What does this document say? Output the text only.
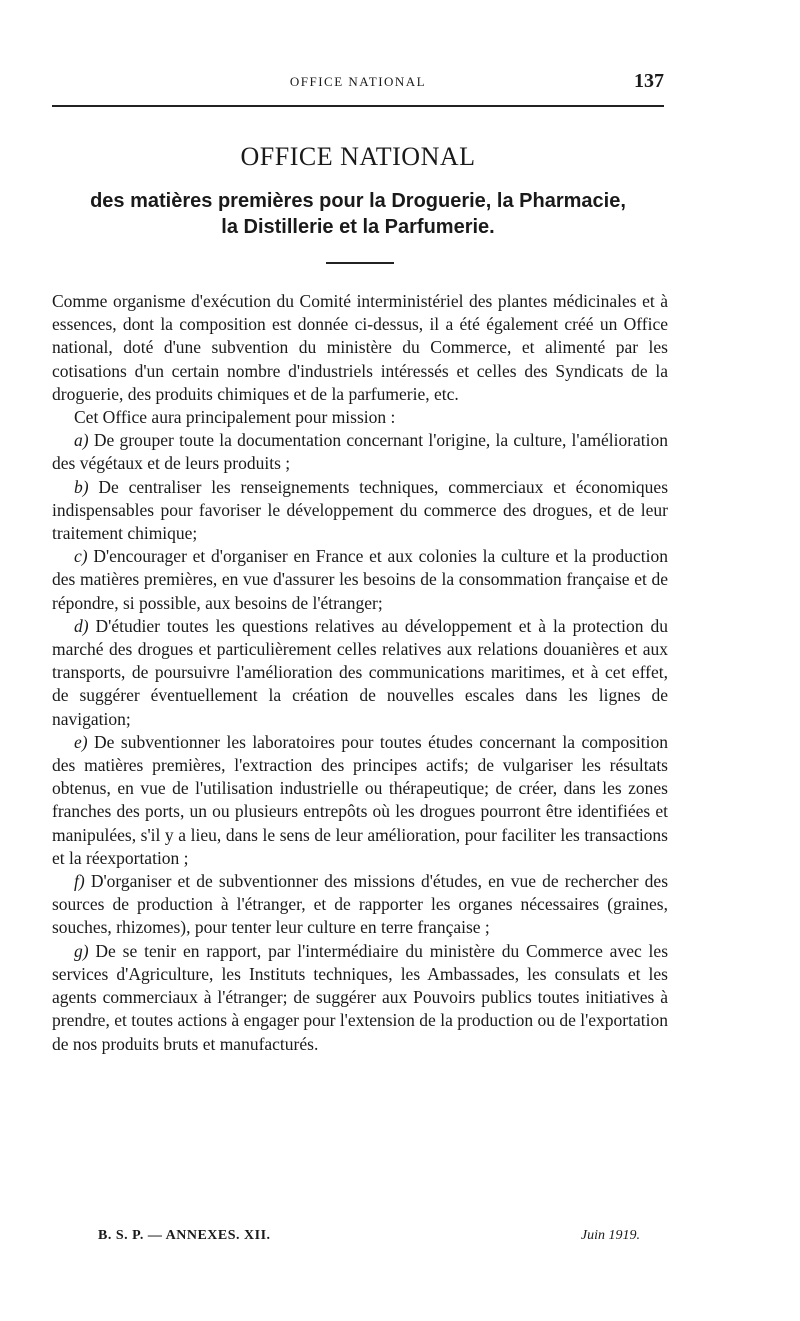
OFFICE NATIONAL	137
OFFICE NATIONAL
des matières premières pour la Droguerie, la Pharmacie,
la Distillerie et la Parfumerie.

Comme organisme d'exécution du Comité interministériel des plantes médicinales et à essences, dont la composition est donnée ci-dessus, il a été également créé un Office national, doté d'une subvention du ministère du Commerce, et alimenté par les cotisations d'un certain nombre d'industriels intéressés et celles des Syndicats de la droguerie, des produits chimiques et de la parfumerie, etc.

Cet Office aura principalement pour mission :

a) De grouper toute la documentation concernant l'origine, la culture, l'amélioration des végétaux et de leurs produits ;

b) De centraliser les renseignements techniques, commerciaux et économiques indispensables pour favoriser le développement du commerce des drogues, et de leur traitement chimique;

c) D'encourager et d'organiser en France et aux colonies la culture et la production des matières premières, en vue d'assurer les besoins de la consommation française et de répondre, si possible, aux besoins de l'étranger;

d) D'étudier toutes les questions relatives au développement et à la protection du marché des drogues et particulièrement celles relatives aux relations douanières et aux transports, de poursuivre l'amélioration des communications maritimes, et à cet effet, de suggérer éventuellement la création de nouvelles escales dans les lignes de navigation;

e) De subventionner les laboratoires pour toutes études concernant la composition des matières premières, l'extraction des principes actifs; de vulgariser les résultats obtenus, en vue de l'utilisation industrielle ou thérapeutique; de créer, dans les zones franches des ports, un ou plusieurs entrepôts où les drogues pourront être identifiées et manipulées, s'il y a lieu, dans le sens de leur amélioration, pour faciliter les transactions et la réexportation ;

f) D'organiser et de subventionner des missions d'études, en vue de rechercher des sources de production à l'étranger, et de rapporter les organes nécessaires (graines, souches, rhizomes), pour tenter leur culture en terre française ;

g) De se tenir en rapport, par l'intermédiaire du ministère du Commerce avec les services d'Agriculture, les Instituts techniques, les Ambassades, les consulats et les agents commerciaux à l'étranger; de suggérer aux Pouvoirs publics toutes initiatives à prendre, et toutes actions à engager pour l'extension de la production ou de l'exportation de nos produits bruts et manufacturés.

B. S. P. — ANNEXES. XII.	Juin 1919.
